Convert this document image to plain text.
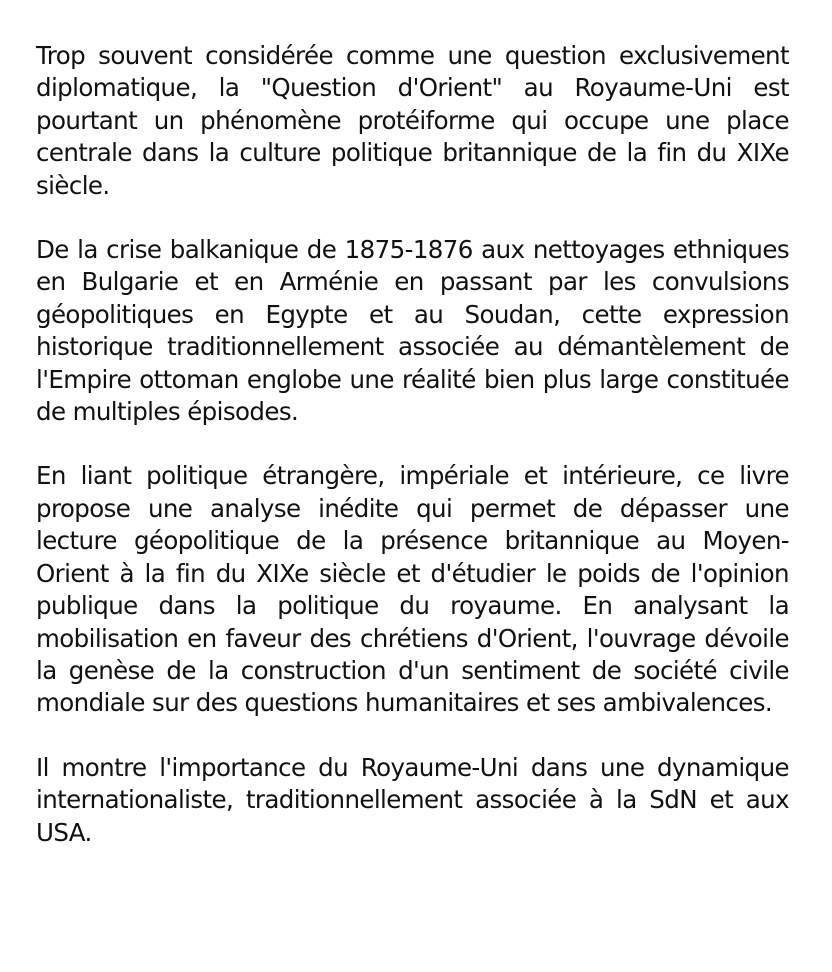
Trop souvent considérée comme une question exclusivement diplomatique, la "Question d'Orient" au Royaume-Uni est pourtant un phénomène protéiforme qui occupe une place centrale dans la culture politique britannique de la fin du XIXe siècle.

De la crise balkanique de 1875-1876 aux nettoyages ethniques en Bulgarie et en Arménie en passant par les convulsions géopolitiques en Egypte et au Soudan, cette expression historique traditionnellement associée au démantèlement de l'Empire ottoman englobe une réalité bien plus large constituée de multiples épisodes.

En liant politique étrangère, impériale et intérieure, ce livre propose une analyse inédite qui permet de dépasser une lecture géopolitique de la présence britannique au Moyen-Orient à la fin du XIXe siècle et d'étudier le poids de l'opinion publique dans la politique du royaume. En analysant la mobilisation en faveur des chrétiens d'Orient, l'ouvrage dévoile la genèse de la construction d'un sentiment de société civile mondiale sur des questions humanitaires et ses ambivalences.

Il montre l'importance du Royaume-Uni dans une dynamique internationaliste, traditionnellement associée à la SdN et aux USA.
